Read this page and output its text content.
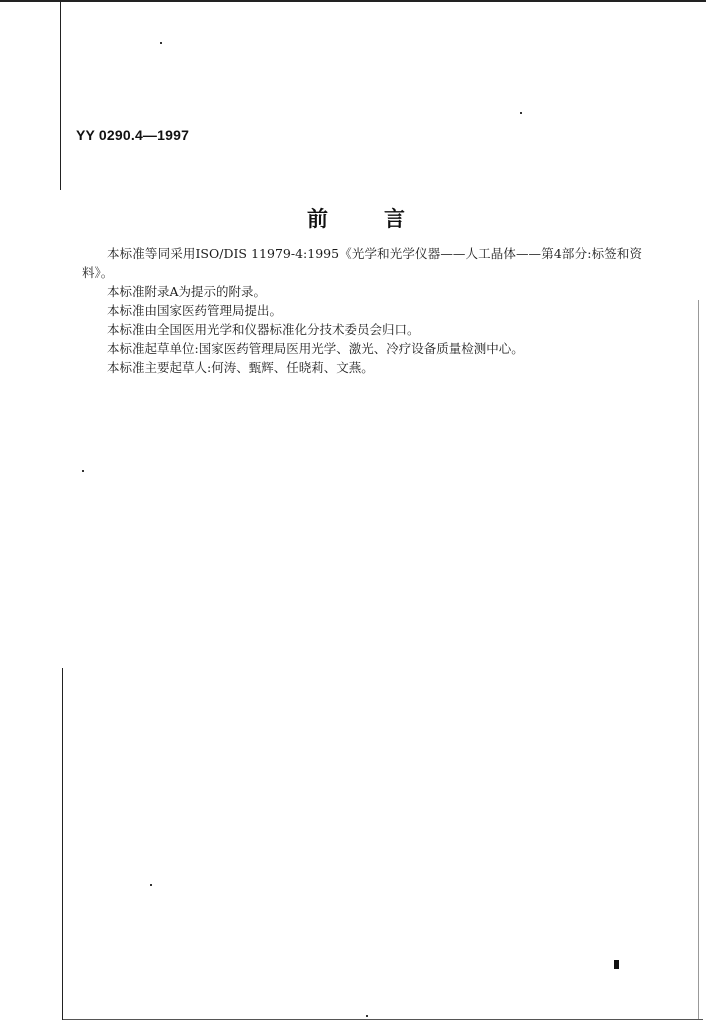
YY 0290.4—1997
前言

本标准等同采用ISO/DIS 11979-4:1995《光学和光学仪器——人工晶体——第4部分:标签和资料》。

本标准附录A为提示的附录。

本标准由国家医药管理局提出。

本标准由全国医用光学和仪器标准化分技术委员会归口。

本标准起草单位:国家医药管理局医用光学、激光、冷疗设备质量检测中心。

本标准主要起草人:何涛、甄辉、任晓莉、文燕。
